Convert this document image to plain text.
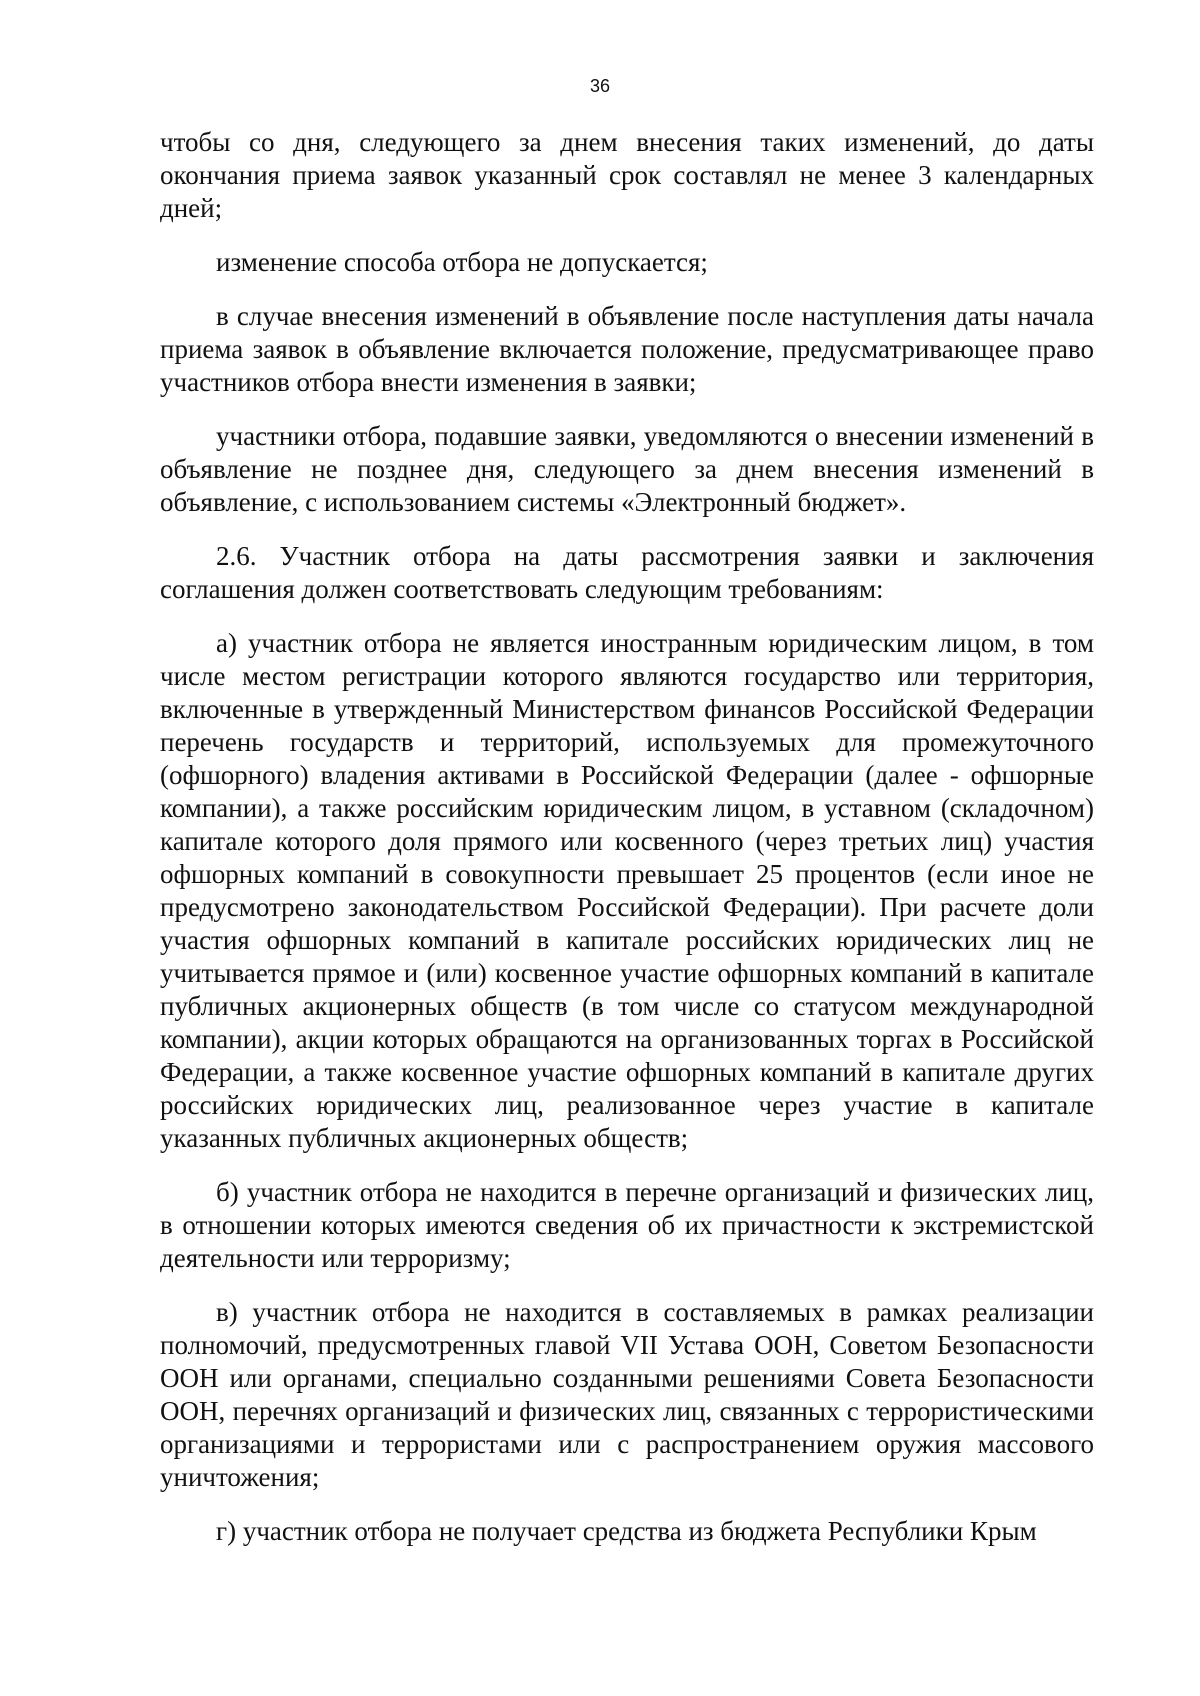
36

чтобы со дня, следующего за днем внесения таких изменений, до даты окончания приема заявок указанный срок составлял не менее 3 календарных дней;

изменение способа отбора не допускается;

в случае внесения изменений в объявление после наступления даты начала приема заявок в объявление включается положение, предусматривающее право участников отбора внести изменения в заявки;

участники отбора, подавшие заявки, уведомляются о внесении изменений в объявление не позднее дня, следующего за днем внесения изменений в объявление, с использованием системы «Электронный бюджет».

2.6. Участник отбора на даты рассмотрения заявки и заключения соглашения должен соответствовать следующим требованиям:

а) участник отбора не является иностранным юридическим лицом, в том числе местом регистрации которого являются государство или территория, включенные в утвержденный Министерством финансов Российской Федерации перечень государств и территорий, используемых для промежуточного (офшорного) владения активами в Российской Федерации (далее - офшорные компании), а также российским юридическим лицом, в уставном (складочном) капитале которого доля прямого или косвенного (через третьих лиц) участия офшорных компаний в совокупности превышает 25 процентов (если иное не предусмотрено законодательством Российской Федерации). При расчете доли участия офшорных компаний в капитале российских юридических лиц не учитывается прямое и (или) косвенное участие офшорных компаний в капитале публичных акционерных обществ (в том числе со статусом международной компании), акции которых обращаются на организованных торгах в Российской Федерации, а также косвенное участие офшорных компаний в капитале других российских юридических лиц, реализованное через участие в капитале указанных публичных акционерных обществ;

б) участник отбора не находится в перечне организаций и физических лиц, в отношении которых имеются сведения об их причастности к экстремистской деятельности или терроризму;

в) участник отбора не находится в составляемых в рамках реализации полномочий, предусмотренных главой VII Устава ООН, Советом Безопасности ООН или органами, специально созданными решениями Совета Безопасности ООН, перечнях организаций и физических лиц, связанных с террористическими организациями и террористами или с распространением оружия массового уничтожения;

г) участник отбора не получает средства из бюджета Республики Крым
